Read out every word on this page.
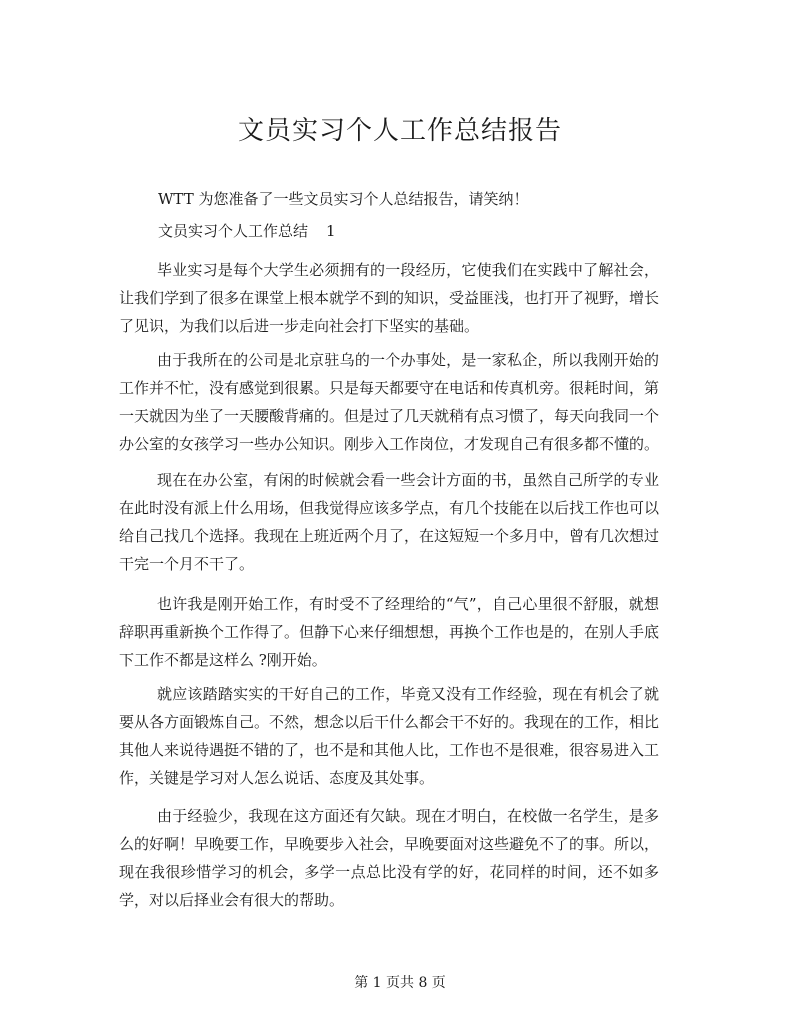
文员实习个人工作总结报告

WTT 为您准备了一些文员实习个人总结报告，请笑纳！

文员实习个人工作总结 1

毕业实习是每个大学生必须拥有的一段经历，它使我们在实践中了解社会，让我们学到了很多在课堂上根本就学不到的知识，受益匪浅，也打开了视野，增长了见识，为我们以后进一步走向社会打下坚实的基础。

由于我所在的公司是北京驻乌的一个办事处，是一家私企，所以我刚开始的工作并不忙，没有感觉到很累。只是每天都要守在电话和传真机旁。很耗时间，第一天就因为坐了一天腰酸背痛的。但是过了几天就稍有点习惯了，每天向我同一个办公室的女孩学习一些办公知识。刚步入工作岗位，才发现自己有很多都不懂的。

现在在办公室，有闲的时候就会看一些会计方面的书，虽然自己所学的专业在此时没有派上什么用场，但我觉得应该多学点，有几个技能在以后找工作也可以给自己找几个选择。我现在上班近两个月了，在这短短一个多月中，曾有几次想过干完一个月不干了。

也许我是刚开始工作，有时受不了经理给的“气”，自己心里很不舒服，就想辞职再重新换个工作得了。但静下心来仔细想想，再换个工作也是的，在别人手底下工作不都是这样么 ?刚开始。

就应该踏踏实实的干好自己的工作，毕竟又没有工作经验，现在有机会了就要从各方面锻炼自己。不然，想念以后干什么都会干不好的。我现在的工作，相比其他人来说待遇挺不错的了，也不是和其他人比，工作也不是很难，很容易进入工作，关键是学习对人怎么说话、态度及其处事。

由于经验少，我现在这方面还有欠缺。现在才明白，在校做一名学生，是多么的好啊！早晚要工作，早晚要步入社会，早晚要面对这些避免不了的事。所以，现在我很珍惜学习的机会，多学一点总比没有学的好，花同样的时间，还不如多学，对以后择业会有很大的帮助。

第 1 页共 8 页
